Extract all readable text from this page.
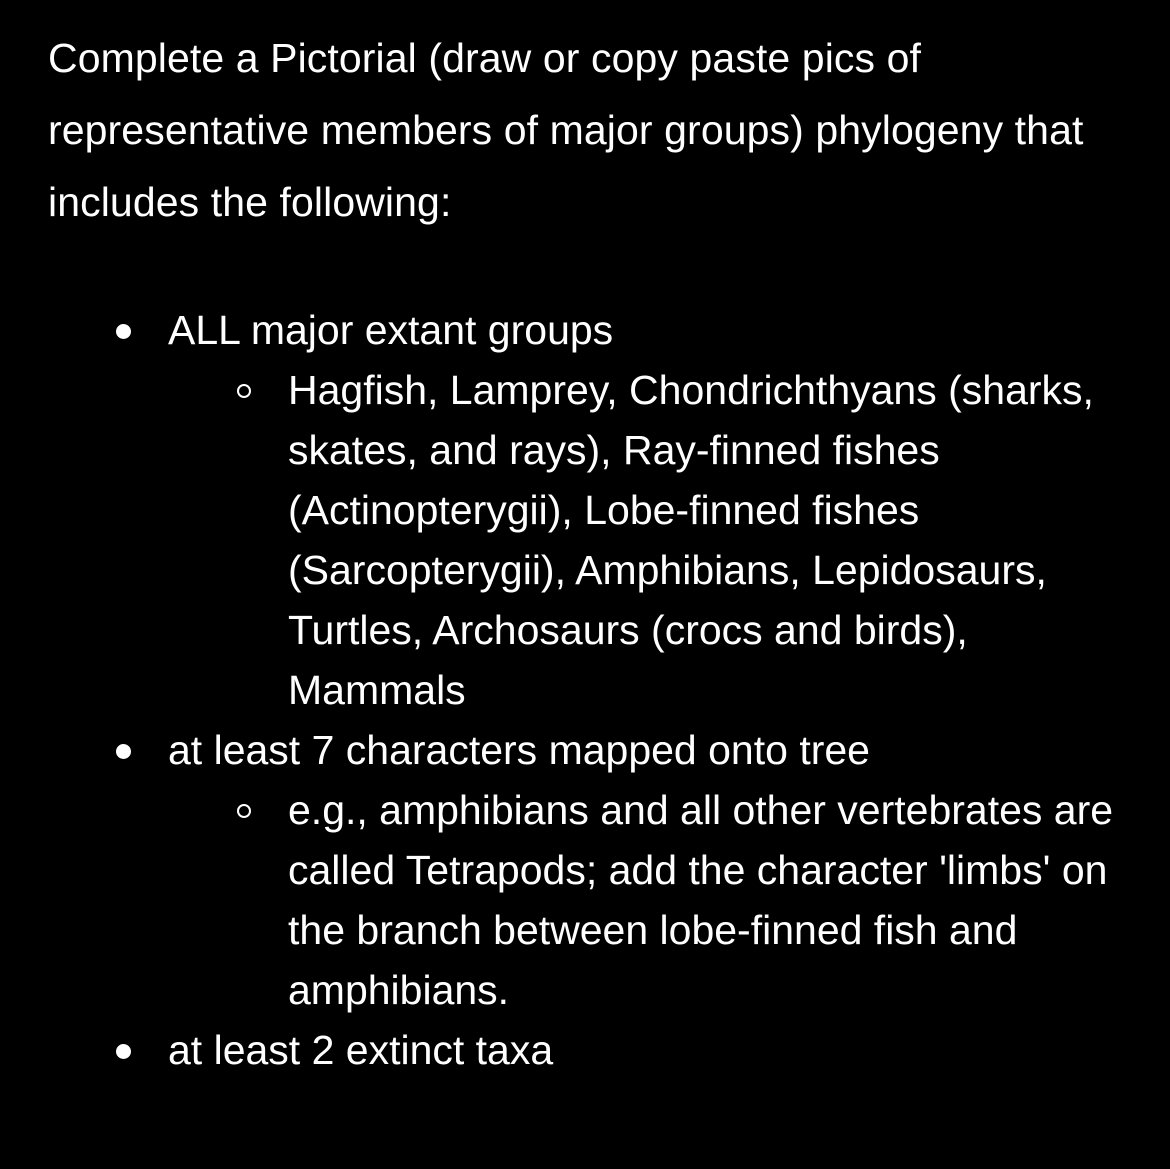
Complete a Pictorial (draw or copy paste pics of representative members of major groups) phylogeny that includes the following:

ALL major extant groups
Hagfish, Lamprey, Chondrichthyans (sharks, skates, and rays), Ray-finned fishes (Actinopterygii), Lobe-finned fishes (Sarcopterygii), Amphibians, Lepidosaurs, Turtles, Archosaurs (crocs and birds), Mammals
at least 7 characters mapped onto tree
e.g., amphibians and all other vertebrates are called Tetrapods; add the character 'limbs' on the branch between lobe-finned fish and amphibians.
at least 2 extinct taxa
